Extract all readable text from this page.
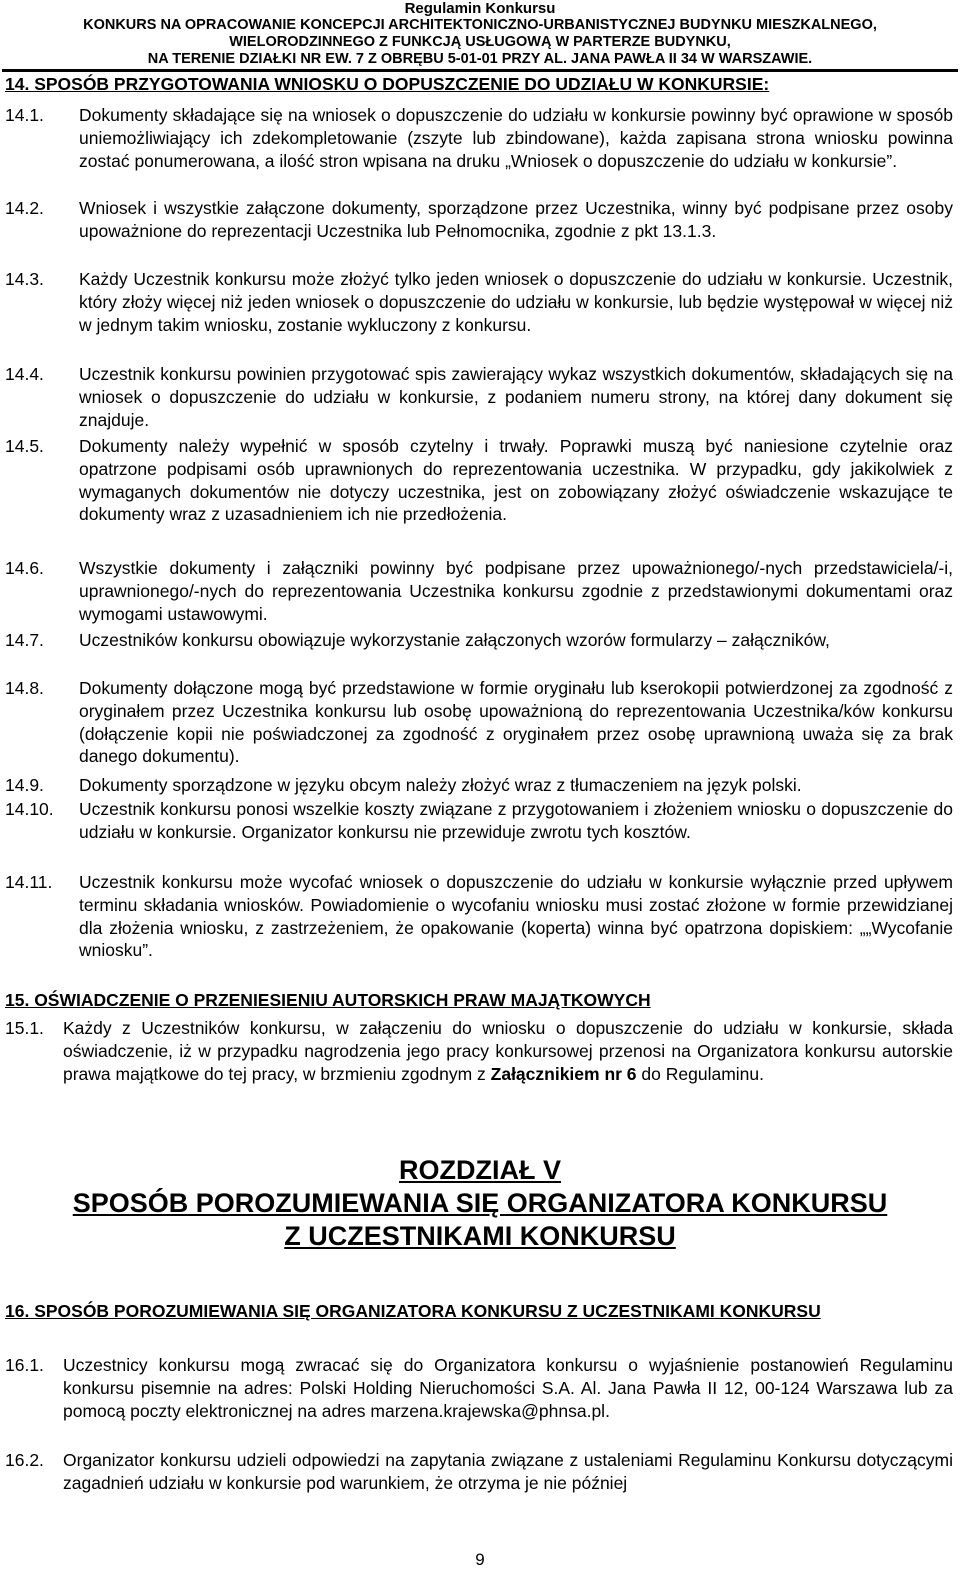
Regulamin Konkursu
KONKURS NA OPRACOWANIE KONCEPCJI ARCHITEKTONICZNO-URBANISTYCZNEJ BUDYNKU MIESZKALNEGO,
WIELORODZINNEGO Z FUNKCJĄ USŁUGOWĄ W PARTERZE BUDYNKU,
NA TERENIE DZIAŁKI NR EW. 7 Z OBRĘBU 5-01-01 PRZY AL. JANA PAWŁA II 34 W WARSZAWIE.
14. SPOSÓB PRZYGOTOWANIA WNIOSKU O DOPUSZCZENIE DO UDZIAŁU W KONKURSIE:
14.1. Dokumenty składające się na wniosek o dopuszczenie do udziału w konkursie powinny być oprawione w sposób uniemożliwiający ich zdekompletowanie (zszyte lub zbindowane), każda zapisana strona wniosku powinna zostać ponumerowana, a ilość stron wpisana na druku „Wniosek o dopuszczenie do udziału w konkursie”.
14.2. Wniosek i wszystkie załączone dokumenty, sporządzone przez Uczestnika, winny być podpisane przez osoby upoważnione do reprezentacji Uczestnika lub Pełnomocnika, zgodnie z pkt 13.1.3.
14.3. Każdy Uczestnik konkursu może złożyć tylko jeden wniosek o dopuszczenie do udziału w konkursie. Uczestnik, który złoży więcej niż jeden wniosek o dopuszczenie do udziału w konkursie, lub będzie występował w więcej niż w jednym takim wniosku, zostanie wykluczony z konkursu.
14.4. Uczestnik konkursu powinien przygotować spis zawierający wykaz wszystkich dokumentów, składających się na wniosek o dopuszczenie do udziału w konkursie, z podaniem numeru strony, na której dany dokument się znajduje.
14.5. Dokumenty należy wypełnić w sposób czytelny i trwały. Poprawki muszą być naniesione czytelnie oraz opatrzone podpisami osób uprawnionych do reprezentowania uczestnika. W przypadku, gdy jakikolwiek z wymaganych dokumentów nie dotyczy uczestnika, jest on zobowiązany złożyć oświadczenie wskazujące te dokumenty wraz z uzasadnieniem ich nie przedłożenia.
14.6. Wszystkie dokumenty i załączniki powinny być podpisane przez upoważnionego/-nych przedstawiciela/-i, uprawnionego/-nych do reprezentowania Uczestnika konkursu zgodnie z przedstawionymi dokumentami oraz wymogami ustawowymi.
14.7. Uczestników konkursu obowiązuje wykorzystanie załączonych wzorów formularzy – załączników,
14.8. Dokumenty dołączone mogą być przedstawione w formie oryginału lub kserokopii potwierdzonej za zgodność z oryginałem przez Uczestnika konkursu lub osobę upoważnioną do reprezentowania Uczestnika/ków konkursu (dołączenie kopii nie poświadczonej za zgodność z oryginałem przez osobę uprawnioną uważa się za brak danego dokumentu).
14.9. Dokumenty sporządzone w języku obcym należy złożyć wraz z tłumaczeniem na język polski.
14.10. Uczestnik konkursu ponosi wszelkie koszty związane z przygotowaniem i złożeniem wniosku o dopuszczenie do udziału w konkursie. Organizator konkursu nie przewiduje zwrotu tych kosztów.
14.11. Uczestnik konkursu może wycofać wniosek o dopuszczenie do udziału w konkursie wyłącznie przed upływem terminu składania wniosków. Powiadomienie o wycofaniu wniosku musi zostać złożone w formie przewidzianej dla złożenia wniosku, z zastrzeżeniem, że opakowanie (koperta) winna być opatrzona dopiskiem: „„Wycofanie wniosku”.
15. OŚWIADCZENIE O PRZENIESIENIU AUTORSKICH PRAW MAJĄTKOWYCH
15.1. Każdy z Uczestników konkursu, w załączeniu do wniosku o dopuszczenie do udziału w konkursie, składa oświadczenie, iż w przypadku nagrodzenia jego pracy konkursowej przenosi na Organizatora konkursu autorskie prawa majątkowe do tej pracy, w brzmieniu zgodnym z Załącznikiem nr 6 do Regulaminu.
ROZDZIAŁ V
SPOSÓB POROZUMIEWANIA SIĘ ORGANIZATORA KONKURSU
Z UCZESTNIKAMI KONKURSU
16. SPOSÓB POROZUMIEWANIA SIĘ ORGANIZATORA KONKURSU Z UCZESTNIKAMI KONKURSU
16.1. Uczestnicy konkursu mogą zwracać się do Organizatora konkursu o wyjaśnienie postanowień Regulaminu konkursu pisemnie na adres: Polski Holding Nieruchomości S.A. Al. Jana Pawła II 12, 00-124 Warszawa lub za pomocą poczty elektronicznej na adres marzena.krajewska@phnsa.pl.
16.2. Organizator konkursu udzieli odpowiedzi na zapytania związane z ustaleniami Regulaminu Konkursu dotyczącymi zagadnień udziału w konkursie pod warunkiem, że otrzyma je nie później
9
